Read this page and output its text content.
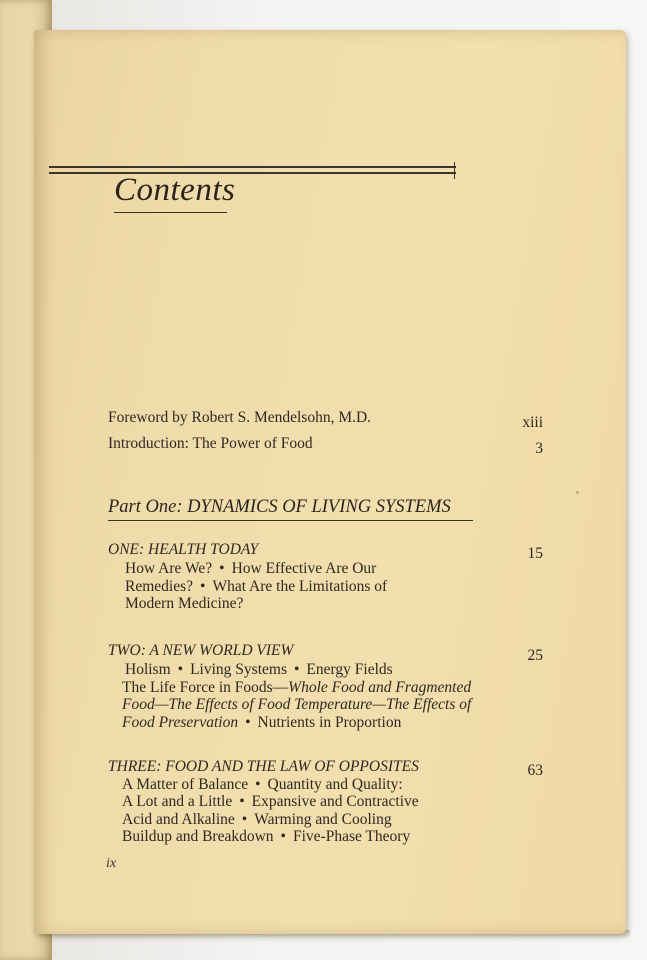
Contents
Foreword by Robert S. Mendelsohn, M.D.	xiii
Introduction: The Power of Food	3
Part One: DYNAMICS OF LIVING SYSTEMS
ONE: HEALTH TODAY	15
How Are We? • How Effective Are Our
Remedies? • What Are the Limitations of
Modern Medicine?
TWO: A NEW WORLD VIEW	25
Holism • Living Systems • Energy Fields
The Life Force in Foods—Whole Food and Fragmented
Food—The Effects of Food Temperature—The Effects of
Food Preservation • Nutrients in Proportion
THREE: FOOD AND THE LAW OF OPPOSITES	63
A Matter of Balance • Quantity and Quality:
A Lot and a Little • Expansive and Contractive
Acid and Alkaline • Warming and Cooling
Buildup and Breakdown • Five-Phase Theory
ix
